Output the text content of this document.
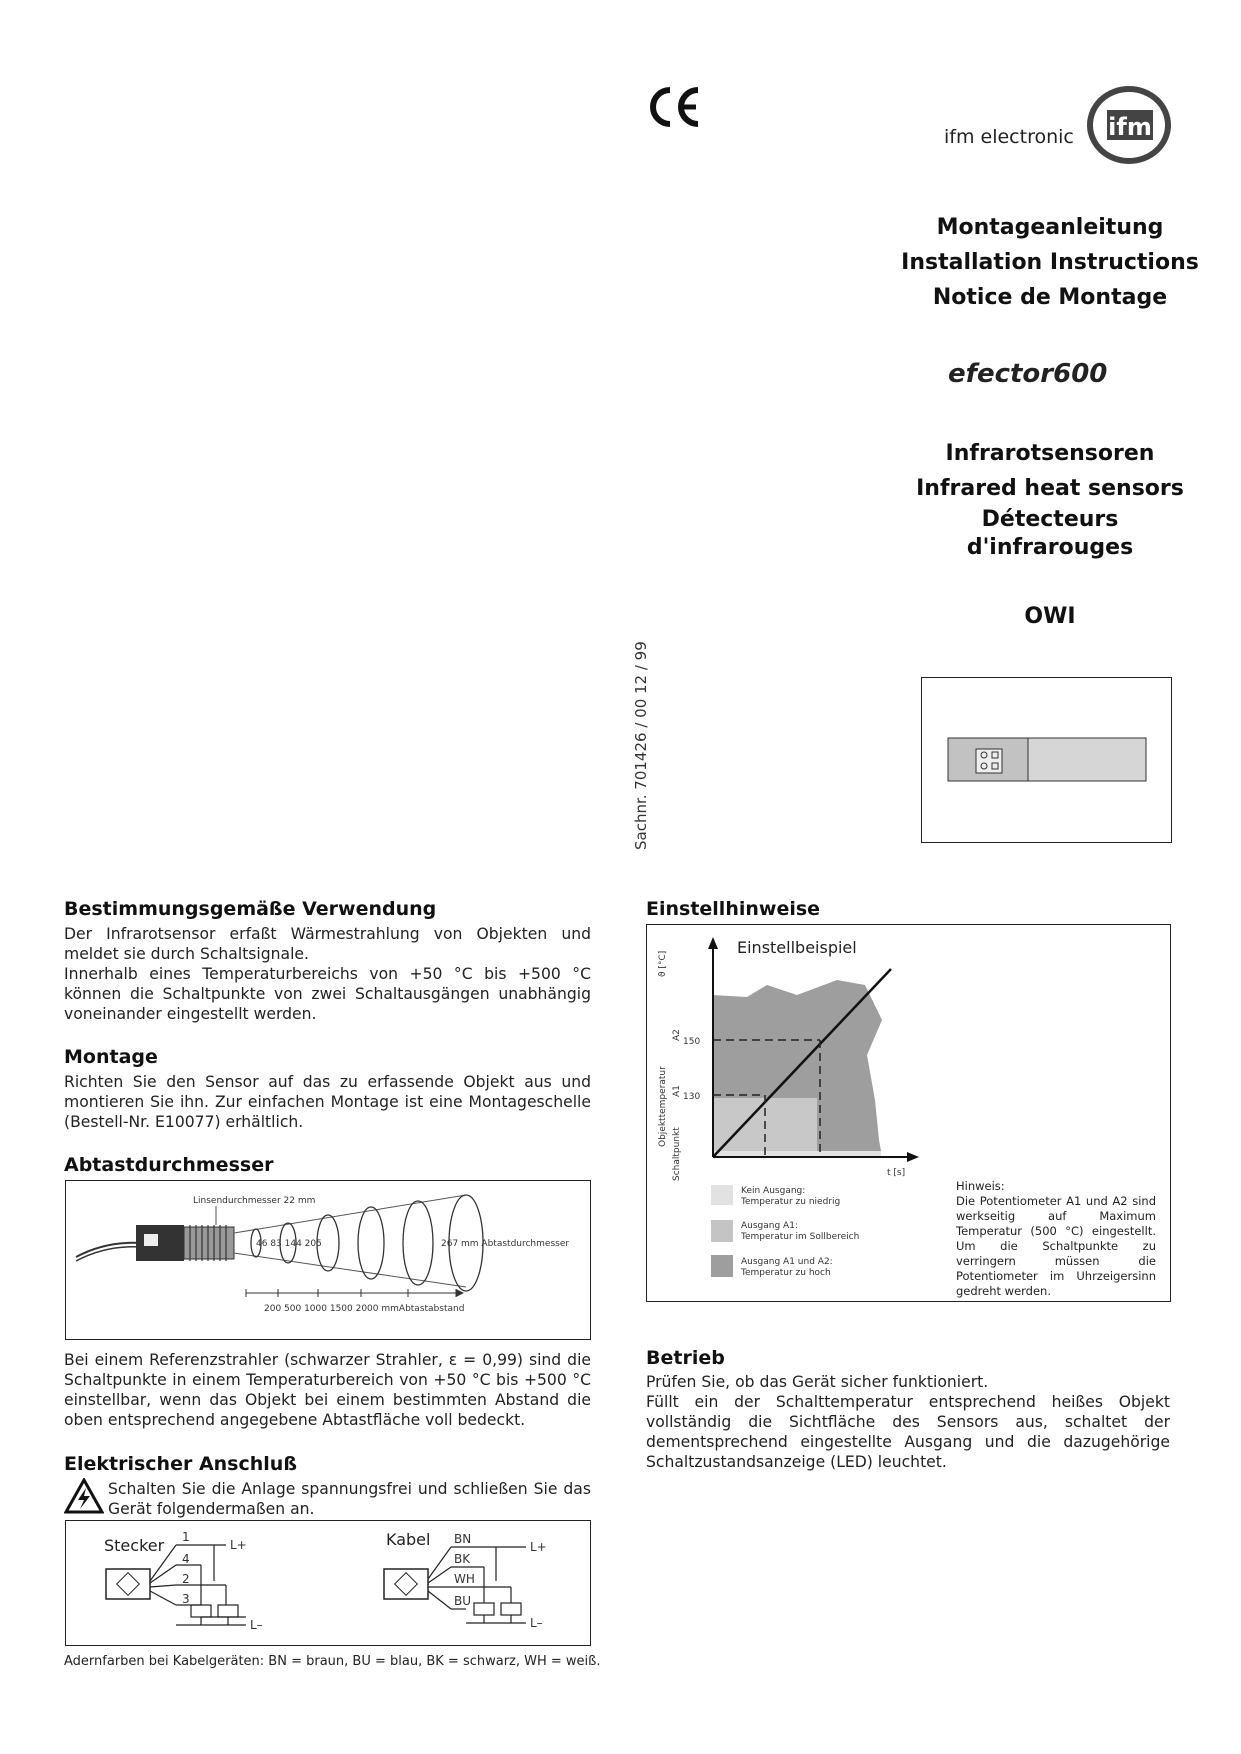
ifm electronic ifm
Montageanleitung
Installation Instructions
Notice de Montage
efector600
Infrarotsensoren
Infrared heat sensors
Détecteurs
d'infrarouges
OWI
Sachnr. 701426 / 00 12 / 99
Bestimmungsgemäße Verwendung
Der Infrarotsensor erfaßt Wärmestrahlung von Objekten und meldet sie durch Schaltsignale.
Innerhalb eines Temperaturbereichs von +50 °C bis +500 °C können die Schaltpunkte von zwei Schaltausgängen unabhängig voneinander eingestellt werden.
Montage
Richten Sie den Sensor auf das zu erfassende Objekt aus und montieren Sie ihn. Zur einfachen Montage ist eine Montageschelle (Bestell-Nr. E10077) erhältlich.
Abtastdurchmesser
Linsendurchmesser 22 mm
46 83 144 205	267 mm Abtastdurchmesser
200 500 1000 1500 2000 mmAbtastabstand
Bei einem Referenzstrahler (schwarzer Strahler, ε = 0,99) sind die Schaltpunkte in einem Temperaturbereich von +50 °C bis +500 °C einstellbar, wenn das Objekt bei einem bestimmten Abstand die oben entsprechend angegebene Abtastfläche voll bedeckt.
Elektrischer Anschluß
Schalten Sie die Anlage spannungsfrei und schließen Sie das Gerät folgendermaßen an.
Stecker 1
4
2
3
L+
L–
Kabel BN
BK
WH
BU
L+
L–
Adernfarben bei Kabelgeräten: BN = braun, BU = blau, BK = schwarz, WH = weiß.
Einstellhinweise
Einstellbeispiel
150
130
t [s]
ϑ [°C]
A2
A1
Objekttemperatur
Schaltpunkt
Kein Ausgang:
Temperatur zu niedrig
Ausgang A1:
Temperatur im Sollbereich
Ausgang A1 und A2:
Temperatur zu hoch
Hinweis:
Die Potentiometer A1 und A2 sind werkseitig auf Maximum Temperatur (500 °C) eingestellt. Um die Schaltpunkte zu verringern müssen die Potentiometer im Uhrzeigersinn gedreht werden.
Betrieb
Prüfen Sie, ob das Gerät sicher funktioniert.
Füllt ein der Schalttemperatur entsprechend heißes Objekt vollständig die Sichtfläche des Sensors aus, schaltet der dementsprechend eingestellte Ausgang und die dazugehörige Schaltzustandsanzeige (LED) leuchtet.
